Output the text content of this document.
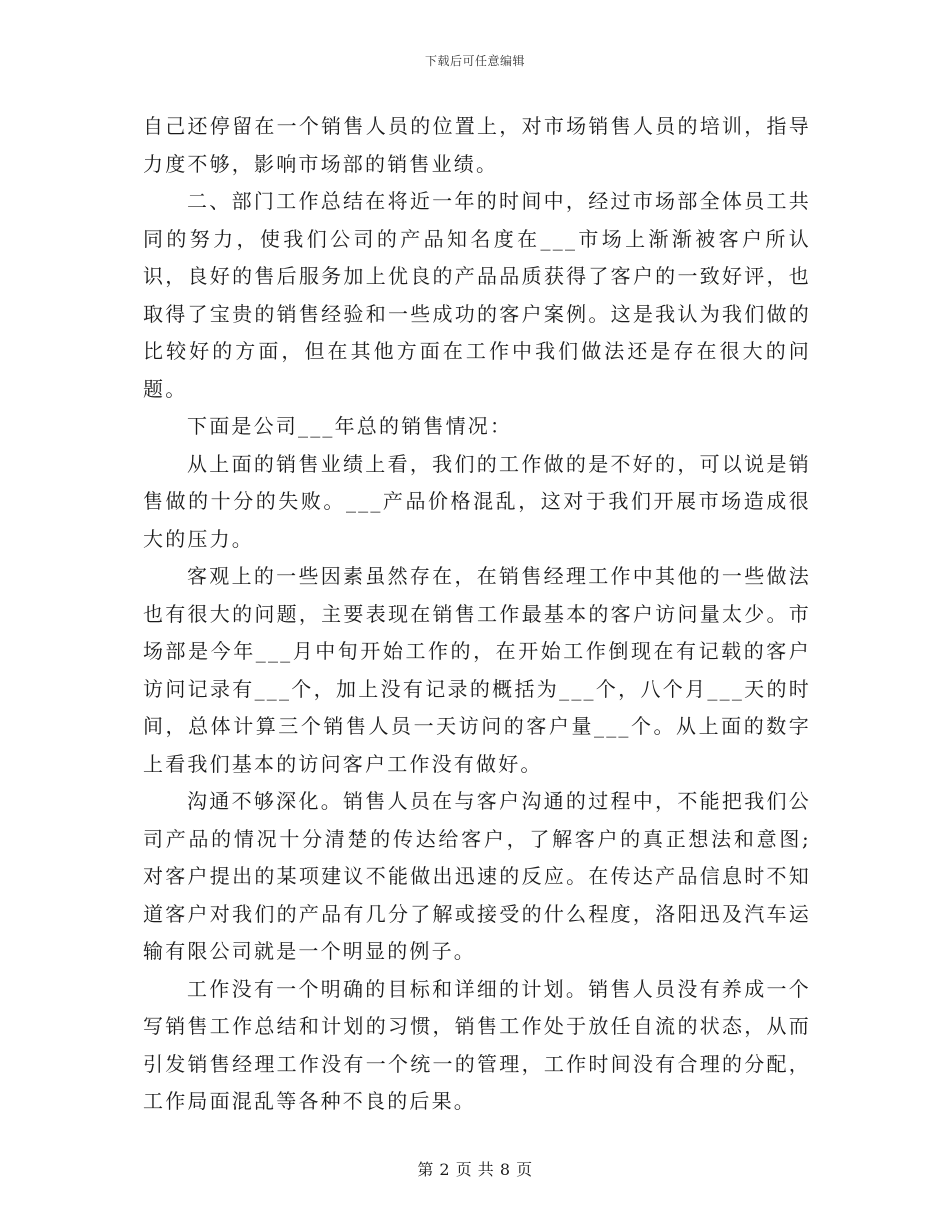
下载后可任意编辑

自己还停留在一个销售人员的位置上，对市场销售人员的培训，指导力度不够，影响市场部的销售业绩。

二、部门工作总结在将近一年的时间中，经过市场部全体员工共同的努力，使我们公司的产品知名度在___市场上渐渐被客户所认识，良好的售后服务加上优良的产品品质获得了客户的一致好评，也取得了宝贵的销售经验和一些成功的客户案例。这是我认为我们做的比较好的方面，但在其他方面在工作中我们做法还是存在很大的问题。

下面是公司___年总的销售情况：

从上面的销售业绩上看，我们的工作做的是不好的，可以说是销售做的十分的失败。___产品价格混乱，这对于我们开展市场造成很大的压力。

客观上的一些因素虽然存在，在销售经理工作中其他的一些做法也有很大的问题，主要表现在销售工作最基本的客户访问量太少。市场部是今年___月中旬开始工作的，在开始工作倒现在有记载的客户访问记录有___个，加上没有记录的概括为___个，八个月___天的时间，总体计算三个销售人员一天访问的客户量___个。从上面的数字上看我们基本的访问客户工作没有做好。

沟通不够深化。销售人员在与客户沟通的过程中，不能把我们公司产品的情况十分清楚的传达给客户，了解客户的真正想法和意图;对客户提出的某项建议不能做出迅速的反应。在传达产品信息时不知道客户对我们的产品有几分了解或接受的什么程度，洛阳迅及汽车运输有限公司就是一个明显的例子。

工作没有一个明确的目标和详细的计划。销售人员没有养成一个写销售工作总结和计划的习惯，销售工作处于放任自流的状态，从而引发销售经理工作没有一个统一的管理，工作时间没有合理的分配，工作局面混乱等各种不良的后果。

第 2 页 共 8 页
